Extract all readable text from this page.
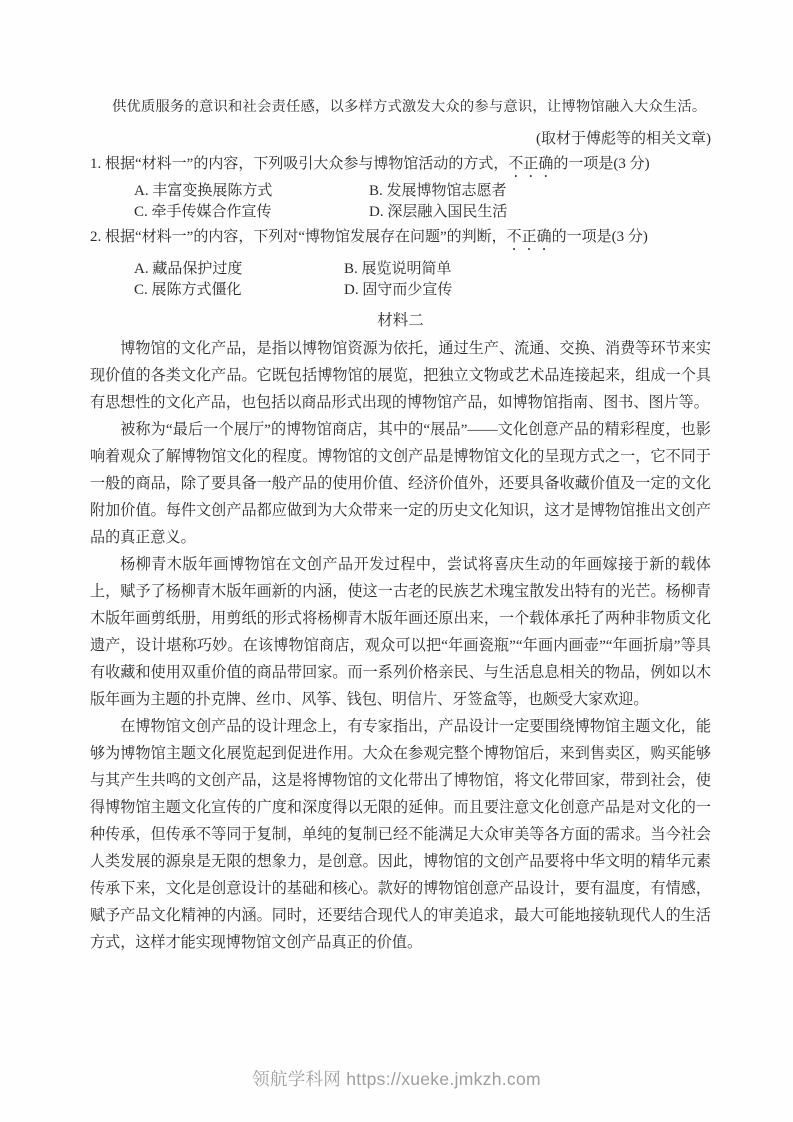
供优质服务的意识和社会责任感，以多样方式激发大众的参与意识，让博物馆融入大众生活。
(取材于傅彪等的相关文章)
1. 根据“材料一”的内容，下列吸引大众参与博物馆活动的方式，不正确的一项是(3 分)
A. 丰富变换展陈方式	B. 发展博物馆志愿者
C. 牵手传媒合作宣传	D. 深层融入国民生活
2. 根据“材料一”的内容，下列对“博物馆发展存在问题”的判断，不正确的一项是(3 分)
A. 藏品保护过度	B. 展览说明简单
C. 展陈方式僵化	D. 固守而少宣传
材料二

博物馆的文化产品，是指以博物馆资源为依托，通过生产、流通、交换、消费等环节来实现价值的各类文化产品。它既包括博物馆的展览，把独立文物或艺术品连接起来，组成一个具有思想性的文化产品，也包括以商品形式出现的博物馆产品，如博物馆指南、图书、图片等。

被称为“最后一个展厅”的博物馆商店，其中的“展品”——文化创意产品的精彩程度，也影响着观众了解博物馆文化的程度。博物馆的文创产品是博物馆文化的呈现方式之一，它不同于一般的商品，除了要具备一般产品的使用价值、经济价值外，还要具备收藏价值及一定的文化附加价值。每件文创产品都应做到为大众带来一定的历史文化知识，这才是博物馆推出文创产品的真正意义。

杨柳青木版年画博物馆在文创产品开发过程中，尝试将喜庆生动的年画嫁接于新的载体上，赋予了杨柳青木版年画新的内涵，使这一古老的民族艺术瑰宝散发出特有的光芒。杨柳青木版年画剪纸册，用剪纸的形式将杨柳青木版年画还原出来，一个载体承托了两种非物质文化遗产，设计堪称巧妙。在该博物馆商店，观众可以把“年画瓷瓶”“年画内画壶”“年画折扇”等具有收藏和使用双重价值的商品带回家。而一系列价格亲民、与生活息息相关的物品，例如以木版年画为主题的扑克牌、丝巾、风筝、钱包、明信片、牙签盒等，也颇受大家欢迎。

在博物馆文创产品的设计理念上，有专家指出，产品设计一定要围绕博物馆主题文化，能够为博物馆主题文化展览起到促进作用。大众在参观完整个博物馆后，来到售卖区，购买能够与其产生共鸣的文创产品，这是将博物馆的文化带出了博物馆，将文化带回家，带到社会，使得博物馆主题文化宣传的广度和深度得以无限的延伸。而且要注意文化创意产品是对文化的一种传承，但传承不等同于复制，单纯的复制已经不能满足大众审美等各方面的需求。当今社会人类发展的源泉是无限的想象力，是创意。因此，博物馆的文创产品要将中华文明的精华元素传承下来，文化是创意设计的基础和核心。款好的博物馆创意产品设计，要有温度，有情感，赋予产品文化精神的内涵。同时，还要结合现代人的审美追求，最大可能地接轨现代人的生活方式，这样才能实现博物馆文创产品真正的价值。

领航学科网 https://xueke.jmkzh.com
